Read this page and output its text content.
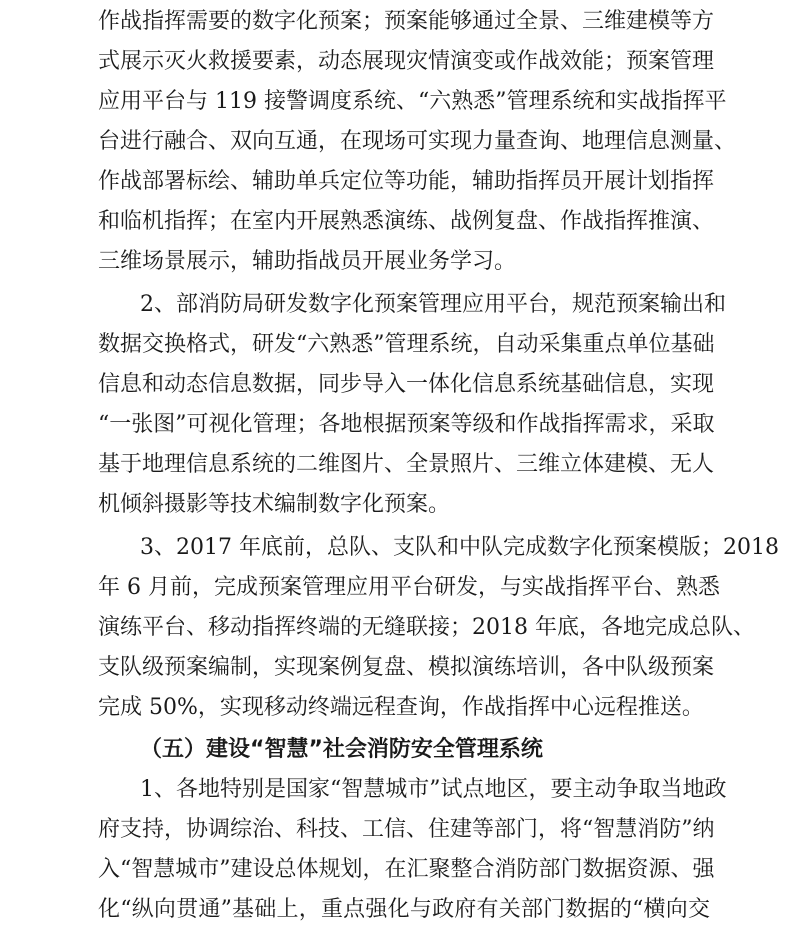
作战指挥需要的数字化预案；预案能够通过全景、三维建模等方
式展示灭火救援要素，动态展现灾情演变或作战效能；预案管理
应用平台与 119 接警调度系统、“六熟悉”管理系统和实战指挥平
台进行融合、双向互通，在现场可实现力量查询、地理信息测量、
作战部署标绘、辅助单兵定位等功能，辅助指挥员开展计划指挥
和临机指挥；在室内开展熟悉演练、战例复盘、作战指挥推演、
三维场景展示，辅助指战员开展业务学习。
2、部消防局研发数字化预案管理应用平台，规范预案输出和
数据交换格式，研发“六熟悉”管理系统，自动采集重点单位基础
信息和动态信息数据，同步导入一体化信息系统基础信息，实现
“一张图”可视化管理；各地根据预案等级和作战指挥需求，采取
基于地理信息系统的二维图片、全景照片、三维立体建模、无人
机倾斜摄影等技术编制数字化预案。
3、2017 年底前，总队、支队和中队完成数字化预案模版；2018
年 6 月前，完成预案管理应用平台研发，与实战指挥平台、熟悉
演练平台、移动指挥终端的无缝联接；2018 年底，各地完成总队、
支队级预案编制，实现案例复盘、模拟演练培训，各中队级预案
完成 50%，实现移动终端远程查询，作战指挥中心远程推送。
（五）建设“智慧”社会消防安全管理系统
1、各地特别是国家“智慧城市”试点地区，要主动争取当地政
府支持，协调综治、科技、工信、住建等部门，将“智慧消防”纳
入“智慧城市”建设总体规划，在汇聚整合消防部门数据资源、强
化“纵向贯通”基础上，重点强化与政府有关部门数据的“横向交
